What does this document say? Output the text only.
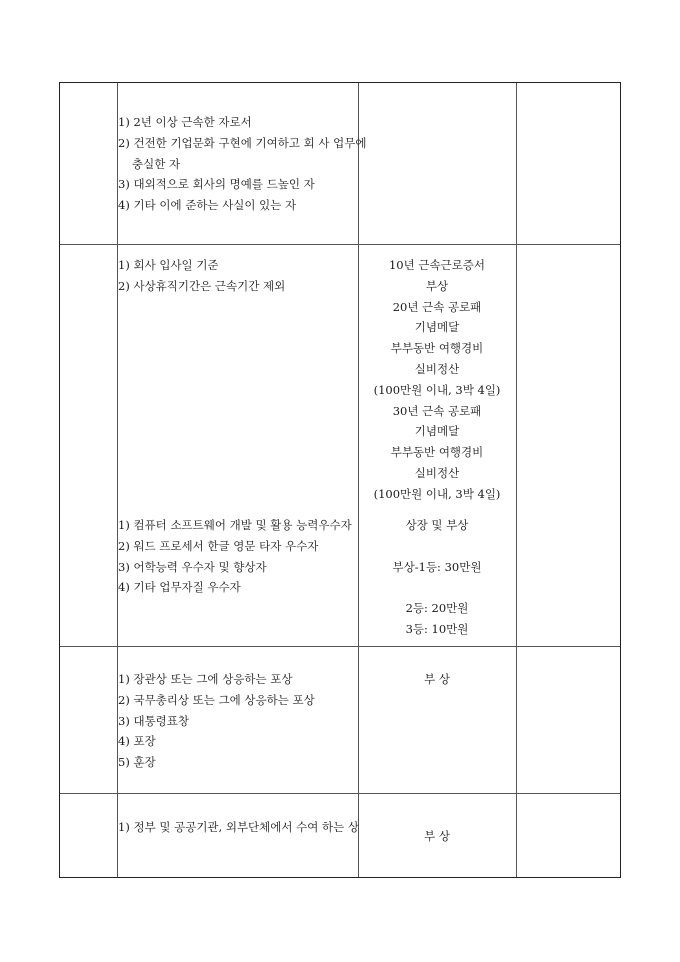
1) 2년 이상 근속한 자로서
2) 건전한 기업문화 구현에 기여하고 회 사 업무에 충실한 자
3) 대외적으로 회사의 명예를 드높인 자
4) 기타 이에 준하는 사실이 있는 자
1) 회사 입사일 기준
2) 사상휴직기간은 근속기간 제외
10년 근속근로증서
부상
20년 근속 공로패
기념메달
부부동반 여행경비
실비정산
(100만원 이내, 3박 4일)
30년 근속 공로패
기념메달
부부동반 여행경비
실비정산
(100만원 이내, 3박 4일)
1) 컴퓨터 소프트웨어 개발 및 활용 능력우수자
2) 워드 프로세서 한글 영문 타자 우수자
3) 어학능력 우수자 및 향상자
4) 기타 업무자질 우수자
상장 및 부상
부상-1등: 30만원
2등: 20만원
3등: 10만원
1) 장관상 또는 그에 상응하는 포상
2) 국무총리상 또는 그에 상응하는 포상
3) 대통령표창
4) 포장
5) 훈장
부 상
1) 정부 및 공공기관, 외부단체에서 수여 하는 상
부 상
